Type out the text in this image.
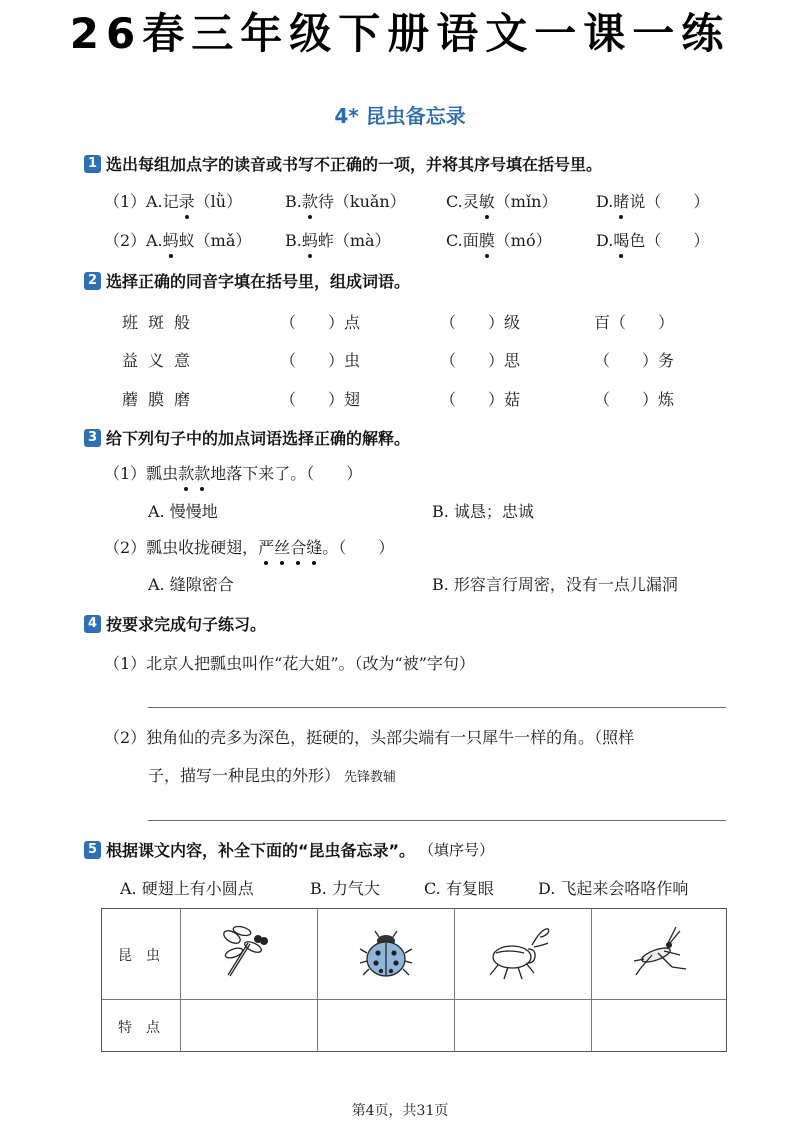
26春三年级下册语文一课一练
4* 昆虫备忘录
1 选出每组加点字的读音或书写不正确的一项，并将其序号填在括号里。
（1） A.记录（lǜ）	B.款待（kuǎn）	C.灵敏（mǐn） D.睹说（　　）
（2） A.蚂蚁（mǎ） B.蚂蚱（mà）	C.面膜（mó）	D.喝色（　　）
2 选择正确的同音字填在括号里，组成词语。
班斑般	（　　）点	（　　）级	百（　　）
益义意	（　　）虫	（　　）思	（　　）务
蘑膜磨	（　　）翅	（　　）菇	（　　）炼
3 给下列句子中的加点词语选择正确的解释。
（1）瓢虫款款地落下来了。（　　）
A. 慢慢地	B. 诚恳；忠诚
（2）瓢虫收拢硬翅，严丝合缝。（　　）
A. 缝隙密合	B. 形容言行周密，没有一点儿漏洞
4 按要求完成句子练习。
（1）北京人把瓢虫叫作“花大姐”。（改为“被”字句）
（2）独角仙的壳多为深色，挺硬的，头部尖端有一只犀牛一样的角。（照样
子，描写一种昆虫的外形） 先锋教辅
5 根据课文内容，补全下面的“昆虫备忘录”。 （填序号）
A. 硬翅上有小圆点	B. 力气大	C. 有复眼	D. 飞起来会咯咯作响
昆虫
特点
第4页，共31页
